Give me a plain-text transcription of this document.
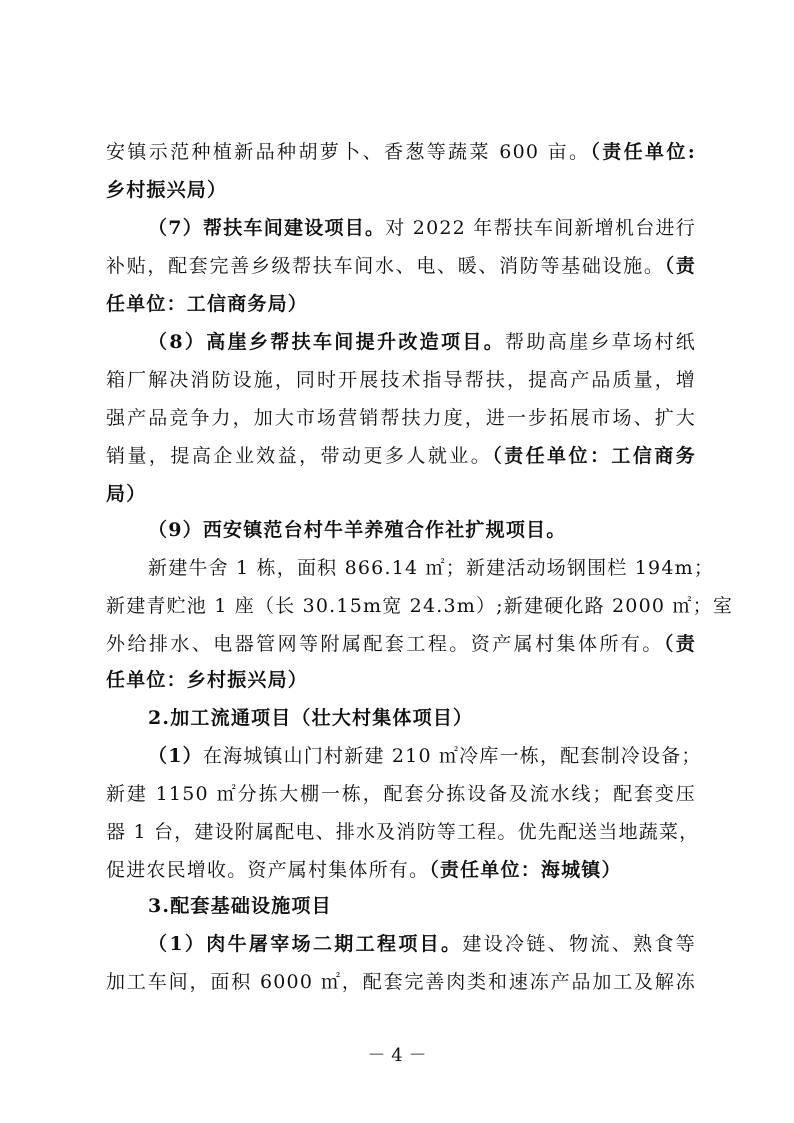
安镇示范种植新品种胡萝卜、香葱等蔬菜 600 亩。（责任单位:
乡村振兴局）
（7）帮扶车间建设项目。对 2022 年帮扶车间新增机台进行
补贴，配套完善乡级帮扶车间水、电、暖、消防等基础设施。（责
任单位：工信商务局）
（8）高崖乡帮扶车间提升改造项目。帮助高崖乡草场村纸
箱厂解决消防设施，同时开展技术指导帮扶，提高产品质量，增
强产品竞争力，加大市场营销帮扶力度，进一步拓展市场、扩大
销量，提高企业效益，带动更多人就业。（责任单位：工信商务
局）
（9）西安镇范台村牛羊养殖合作社扩规项目。
新建牛舍 1 栋，面积 866.14 ㎡；新建活动场钢围栏 194m；
新建青贮池 1 座（长 30.15m宽 24.3m）;新建硬化路 2000 ㎡；室
外给排水、电器管网等附属配套工程。资产属村集体所有。（责
任单位：乡村振兴局）
2.加工流通项目（壮大村集体项目）
（1）在海城镇山门村新建 210 ㎡冷库一栋，配套制冷设备；
新建 1150 ㎡分拣大棚一栋，配套分拣设备及流水线；配套变压
器 1 台，建设附属配电、排水及消防等工程。优先配送当地蔬菜，
促进农民增收。资产属村集体所有。（责任单位：海城镇）
3.配套基础设施项目
（1）肉牛屠宰场二期工程项目。建设冷链、物流、熟食等
加工车间，面积 6000 ㎡，配套完善肉类和速冻产品加工及解冻
－ 4 －
